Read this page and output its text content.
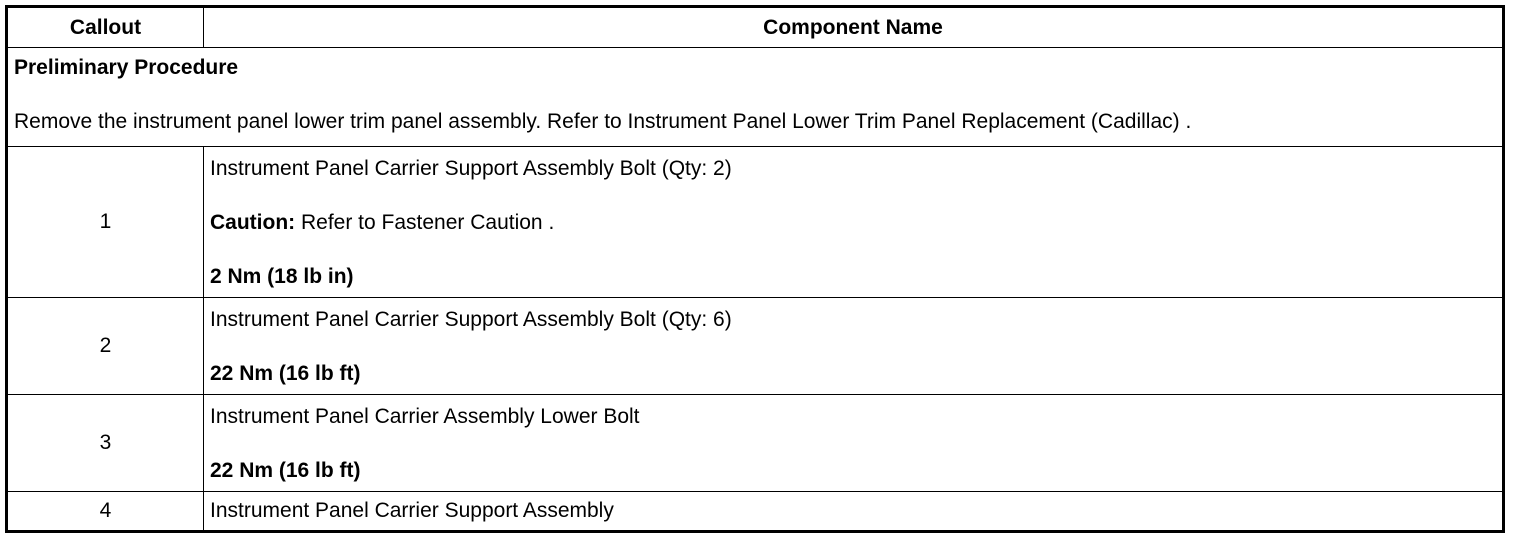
Callout	Component Name
Preliminary Procedure
Remove the instrument panel lower trim panel assembly. Refer to Instrument Panel Lower Trim Panel Replacement (Cadillac) .
1
Instrument Panel Carrier Support Assembly Bolt (Qty: 2)
Caution: Refer to Fastener Caution .
2 Nm (18 lb in)
2
Instrument Panel Carrier Support Assembly Bolt (Qty: 6)
22 Nm (16 lb ft)
3
Instrument Panel Carrier Assembly Lower Bolt
22 Nm (16 lb ft)
4	Instrument Panel Carrier Support Assembly
